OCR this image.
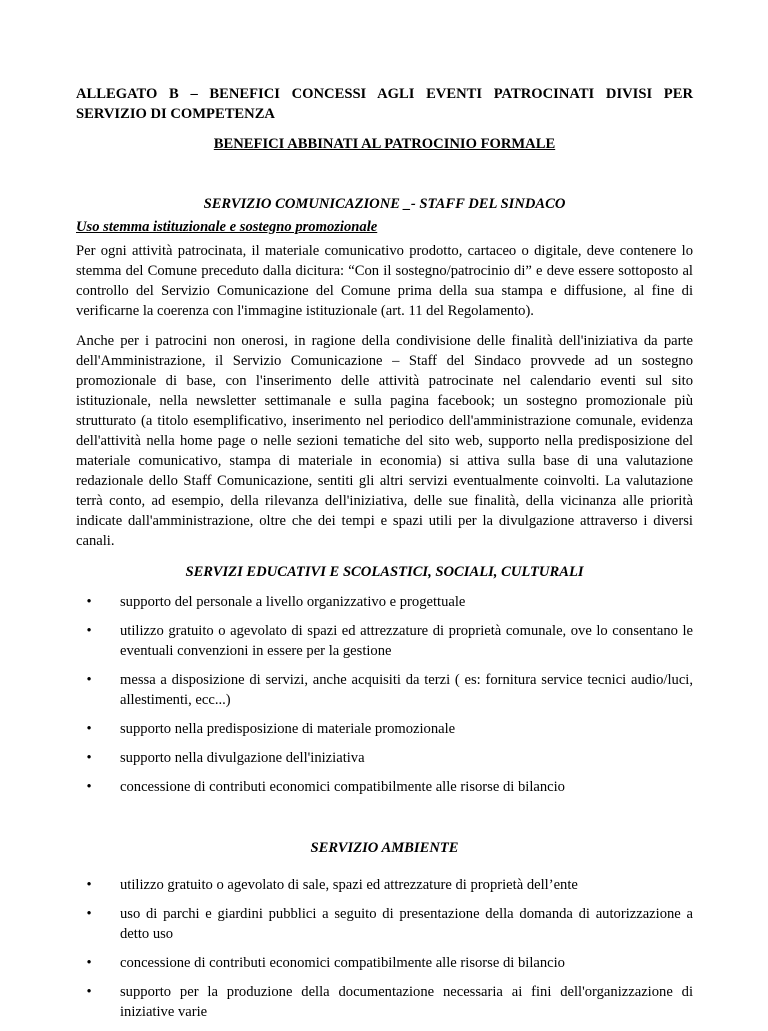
ALLEGATO B – BENEFICI CONCESSI AGLI EVENTI PATROCINATI DIVISI PER SERVIZIO DI COMPETENZA

BENEFICI ABBINATI AL PATROCINIO FORMALE

SERVIZIO COMUNICAZIONE _- STAFF DEL SINDACO

Uso stemma istituzionale e sostegno promozionale

Per ogni attività patrocinata, il materiale comunicativo prodotto, cartaceo o digitale, deve contenere lo stemma del Comune preceduto dalla dicitura: “Con il sostegno/patrocinio di” e deve essere sottoposto al controllo del Servizio Comunicazione del Comune prima della sua stampa e diffusione, al fine di verificarne la coerenza con l'immagine istituzionale (art. 11 del Regolamento).

Anche per i patrocini non onerosi, in ragione della condivisione delle finalità dell'iniziativa da parte dell'Amministrazione, il Servizio Comunicazione – Staff del Sindaco provvede ad un sostegno promozionale di base, con l'inserimento delle attività patrocinate nel calendario eventi sul sito istituzionale, nella newsletter settimanale e sulla pagina facebook; un sostegno promozionale più strutturato (a titolo esemplificativo, inserimento nel periodico dell'amministrazione comunale, evidenza dell'attività nella home page o nelle sezioni tematiche del sito web, supporto nella predisposizione del materiale comunicativo, stampa di materiale in economia) si attiva sulla base di una valutazione redazionale dello Staff Comunicazione, sentiti gli altri servizi eventualmente coinvolti. La valutazione terrà conto, ad esempio, della rilevanza dell'iniziativa, delle sue finalità, della vicinanza alle priorità indicate dall'amministrazione, oltre che dei tempi e spazi utili per la divulgazione attraverso i diversi canali.

SERVIZI EDUCATIVI E SCOLASTICI, SOCIALI, CULTURALI

• supporto del personale a livello organizzativo e progettuale
• utilizzo gratuito o agevolato di spazi ed attrezzature di proprietà comunale, ove lo consentano le eventuali convenzioni in essere per la gestione
• messa a disposizione di servizi, anche acquisiti da terzi ( es: fornitura service tecnici audio/luci, allestimenti, ecc...)
• supporto nella predisposizione di materiale promozionale
• supporto nella divulgazione dell'iniziativa
• concessione di contributi economici compatibilmente alle risorse di bilancio

SERVIZIO AMBIENTE

• utilizzo gratuito o agevolato di sale, spazi ed attrezzature di proprietà dell’ente
• uso di parchi e giardini pubblici a seguito di presentazione della domanda di autorizzazione a detto uso
• concessione di contributi economici compatibilmente alle risorse di bilancio
• supporto per la produzione della documentazione necessaria ai fini dell'organizzazione di iniziative varie
